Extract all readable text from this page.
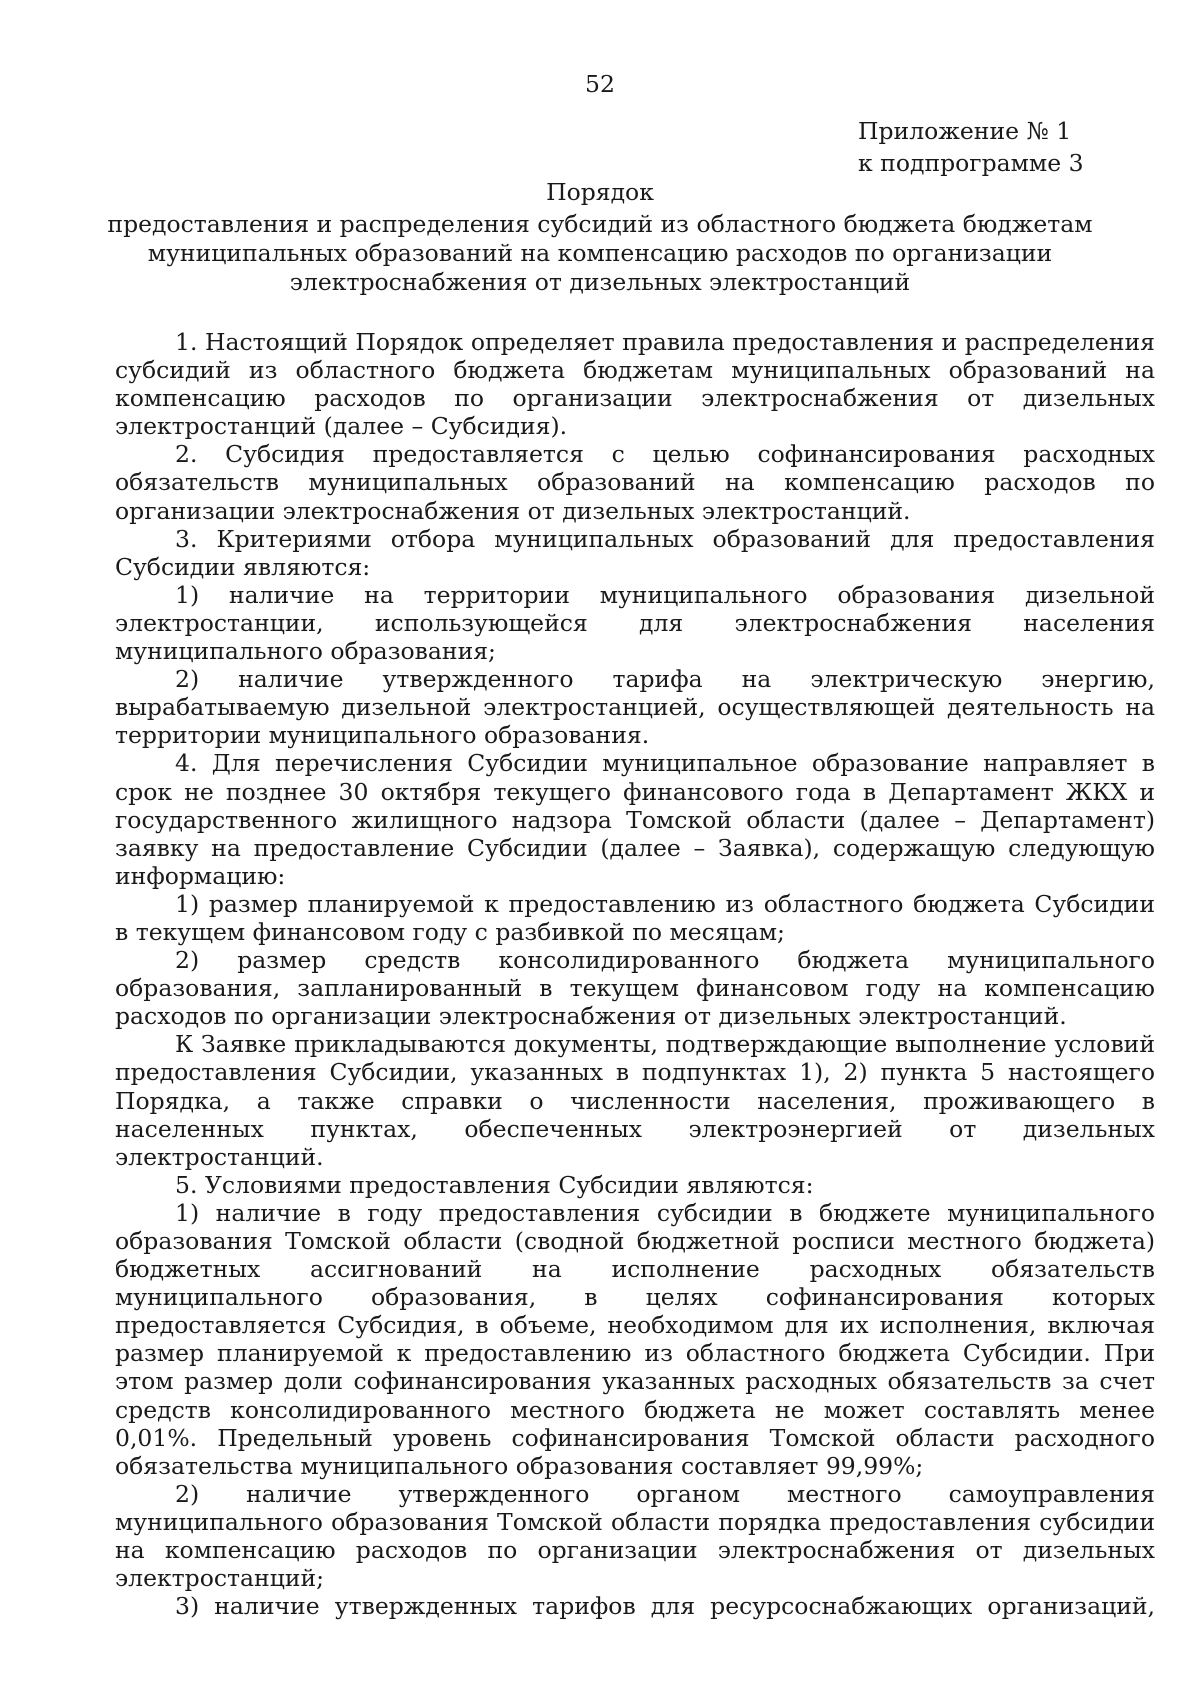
52
Приложение № 1
к подпрограмме 3
Порядок
предоставления и распределения субсидий из областного бюджета бюджетам
муниципальных образований на компенсацию расходов по организации
электроснабжения от дизельных электростанций

1. Настоящий Порядок определяет правила предоставления и распределения субсидий из областного бюджета бюджетам муниципальных образований на компенсацию расходов по организации электроснабжения от дизельных электростанций (далее – Субсидия).

2. Субсидия предоставляется с целью софинансирования расходных обязательств муниципальных образований на компенсацию расходов по организации электроснабжения от дизельных электростанций.

3. Критериями отбора муниципальных образований для предоставления Субсидии являются:

1) наличие на территории муниципального образования дизельной электростанции, использующейся для электроснабжения населения муниципального образования;

2) наличие утвержденного тарифа на электрическую энергию, вырабатываемую дизельной электростанцией, осуществляющей деятельность на территории муниципального образования.

4. Для перечисления Субсидии муниципальное образование направляет в срок не позднее 30 октября текущего финансового года в Департамент ЖКХ и государственного жилищного надзора Томской области (далее – Департамент) заявку на предоставление Субсидии (далее – Заявка), содержащую следующую информацию:

1) размер планируемой к предоставлению из областного бюджета Субсидии в текущем финансовом году с разбивкой по месяцам;

2) размер средств консолидированного бюджета муниципального образования, запланированный в текущем финансовом году на компенсацию расходов по организации электроснабжения от дизельных электростанций.

К Заявке прикладываются документы, подтверждающие выполнение условий предоставления Субсидии, указанных в подпунктах 1), 2) пункта 5 настоящего Порядка, а также справки о численности населения, проживающего в населенных пунктах, обеспеченных электроэнергией от дизельных электростанций.

5. Условиями предоставления Субсидии являются:

1) наличие в году предоставления субсидии в бюджете муниципального образования Томской области (сводной бюджетной росписи местного бюджета) бюджетных ассигнований на исполнение расходных обязательств муниципального образования, в целях софинансирования которых предоставляется Субсидия, в объеме, необходимом для их исполнения, включая размер планируемой к предоставлению из областного бюджета Субсидии. При этом размер доли софинансирования указанных расходных обязательств за счет средств консолидированного местного бюджета не может составлять менее 0,01%. Предельный уровень софинансирования Томской области расходного обязательства муниципального образования составляет 99,99%;

2) наличие утвержденного органом местного самоуправления муниципального образования Томской области порядка предоставления субсидии на компенсацию расходов по организации электроснабжения от дизельных электростанций;

3) наличие утвержденных тарифов для ресурсоснабжающих организаций,
